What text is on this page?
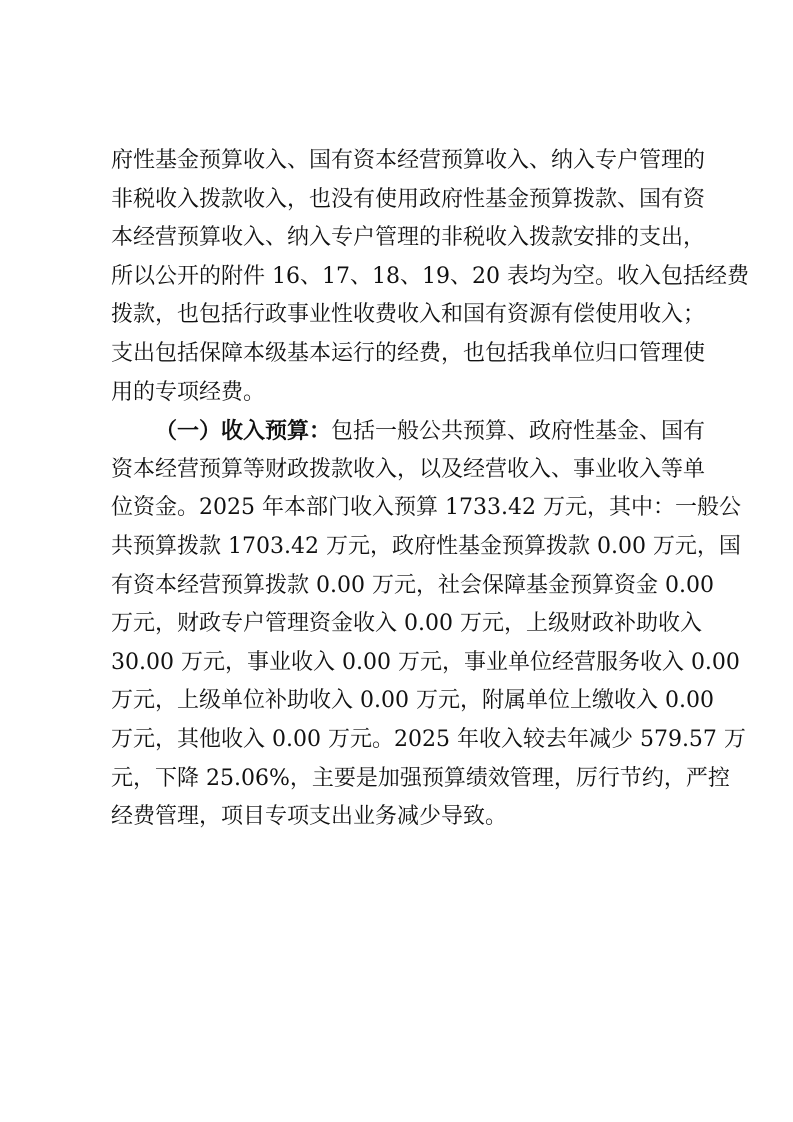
府性基金预算收入、国有资本经营预算收入、纳入专户管理的
非税收入拨款收入，也没有使用政府性基金预算拨款、国有资
本经营预算收入、纳入专户管理的非税收入拨款安排的支出，
所以公开的附件 16、17、18、19、20 表均为空。收入包括经费
拨款，也包括行政事业性收费收入和国有资源有偿使用收入；
支出包括保障本级基本运行的经费，也包括我单位归口管理使
用的专项经费。
（一）收入预算：包括一般公共预算、政府性基金、国有
资本经营预算等财政拨款收入，以及经营收入、事业收入等单
位资金。2025 年本部门收入预算 1733.42 万元，其中：一般公
共预算拨款 1703.42 万元，政府性基金预算拨款 0.00 万元，国
有资本经营预算拨款 0.00 万元，社会保障基金预算资金 0.00
万元，财政专户管理资金收入 0.00 万元，上级财政补助收入
30.00 万元，事业收入 0.00 万元，事业单位经营服务收入 0.00
万元，上级单位补助收入 0.00 万元，附属单位上缴收入 0.00
万元，其他收入 0.00 万元。2025 年收入较去年减少 579.57 万
元，下降 25.06%，主要是加强预算绩效管理，厉行节约，严控
经费管理，项目专项支出业务减少导致。
